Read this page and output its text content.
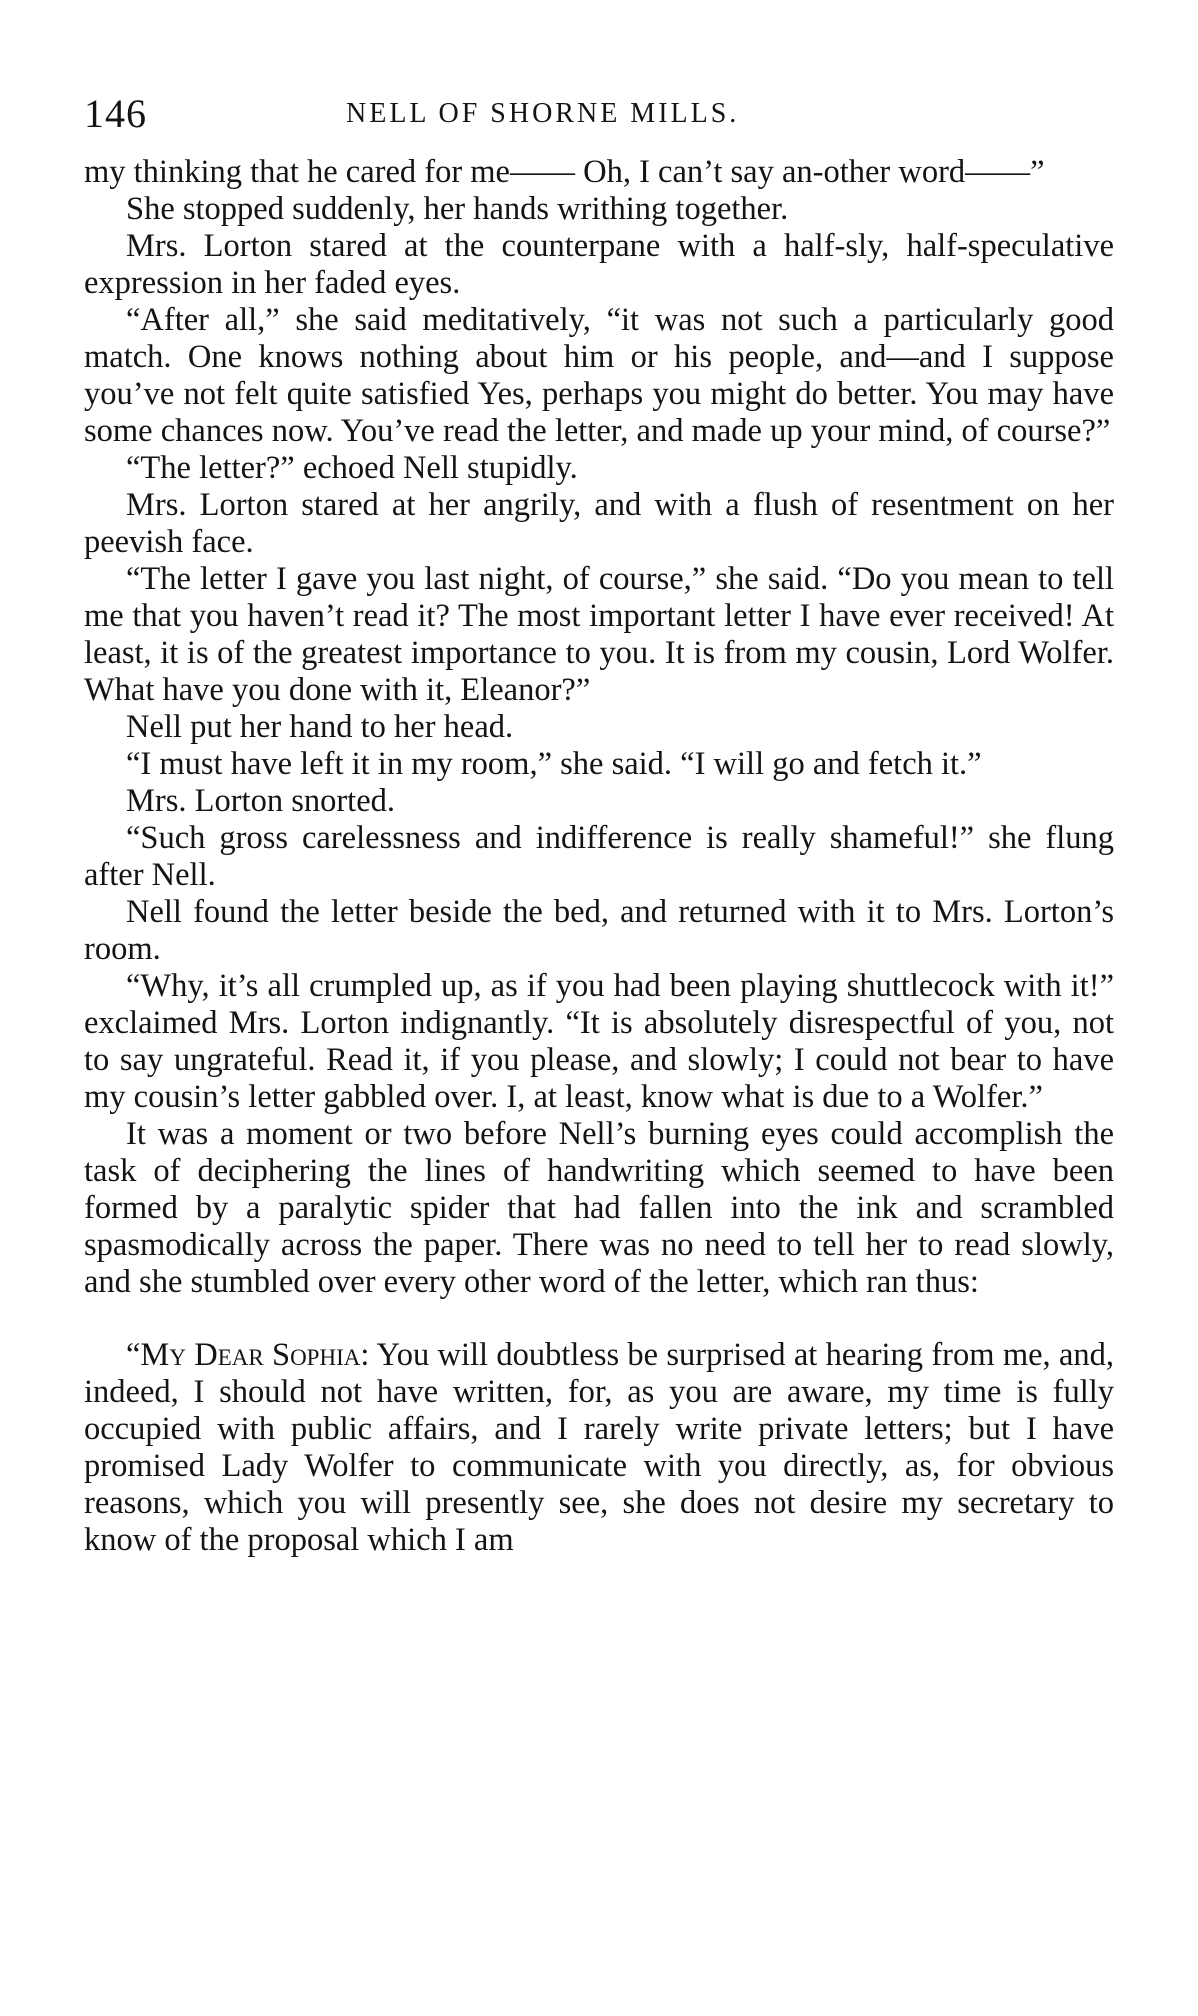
146	NELL OF SHORNE MILLS.

my thinking that he cared for me—— Oh, I can’t say an-other word——”

She stopped suddenly, her hands writhing together.

Mrs. Lorton stared at the counterpane with a half-sly, half-speculative expression in her faded eyes.

“After all,” she said meditatively, “it was not such a particularly good match. One knows nothing about him or his people, and—and I suppose you’ve not felt quite satisfied Yes, perhaps you might do better. You may have some chances now. You’ve read the letter, and made up your mind, of course?”

“The letter?” echoed Nell stupidly.

Mrs. Lorton stared at her angrily, and with a flush of resentment on her peevish face.

“The letter I gave you last night, of course,” she said. “Do you mean to tell me that you haven’t read it? The most important letter I have ever received! At least, it is of the greatest importance to you. It is from my cousin, Lord Wolfer. What have you done with it, Eleanor?”

Nell put her hand to her head.

“I must have left it in my room,” she said. “I will go and fetch it.”

Mrs. Lorton snorted.

“Such gross carelessness and indifference is really shameful!” she flung after Nell.

Nell found the letter beside the bed, and returned with it to Mrs. Lorton’s room.

“Why, it’s all crumpled up, as if you had been playing shuttlecock with it!” exclaimed Mrs. Lorton indignantly. “It is absolutely disrespectful of you, not to say ungrateful. Read it, if you please, and slowly; I could not bear to have my cousin’s letter gabbled over. I, at least, know what is due to a Wolfer.”

It was a moment or two before Nell’s burning eyes could accomplish the task of deciphering the lines of handwriting which seemed to have been formed by a paralytic spider that had fallen into the ink and scrambled spasmodically across the paper. There was no need to tell her to read slowly, and she stumbled over every other word of the letter, which ran thus:

“My Dear Sophia: You will doubtless be surprised at hearing from me, and, indeed, I should not have written, for, as you are aware, my time is fully occupied with public affairs, and I rarely write private letters; but I have promised Lady Wolfer to communicate with you directly, as, for obvious reasons, which you will presently see, she does not desire my secretary to know of the proposal which I am
